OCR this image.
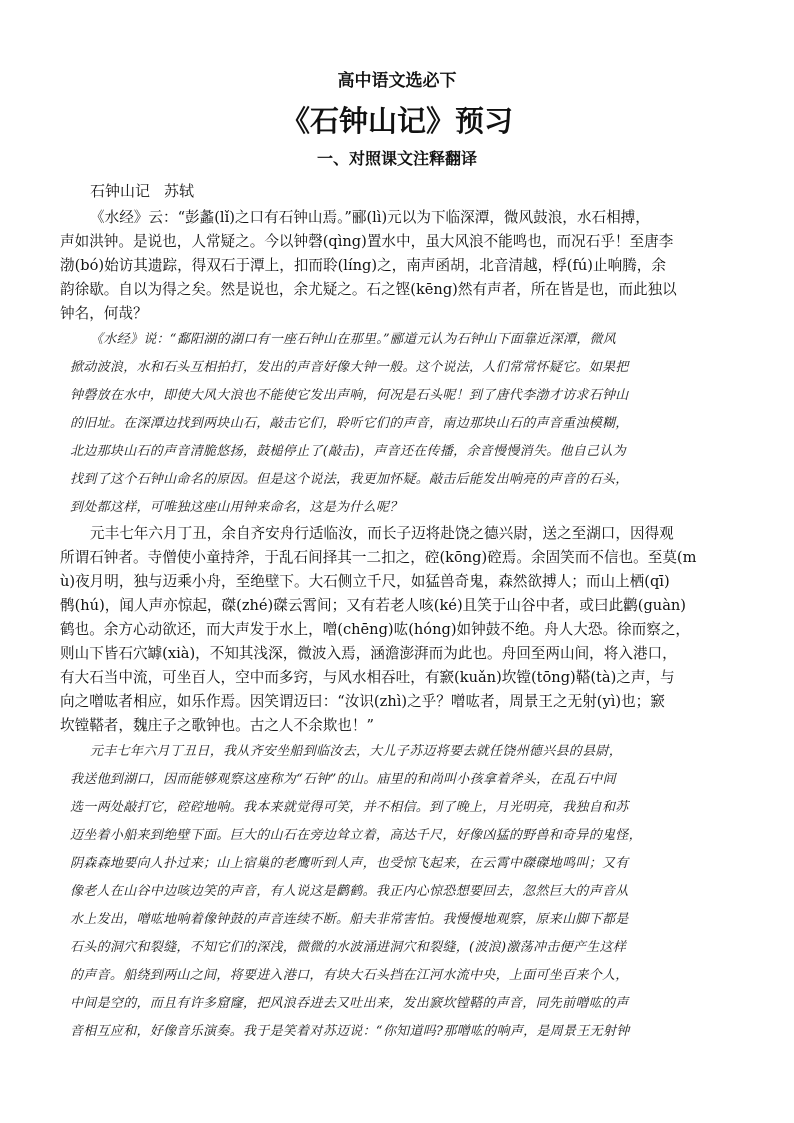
高中语文选必下

《石钟山记》预习
一、对照课文注释翻译

石钟山记 苏轼

《水经》云：“彭蠡(lǐ)之口有石钟山焉。”郦(lì)元以为下临深潭，微风鼓浪，水石相搏，
声如洪钟。是说也，人常疑之。今以钟磬(qìng)置水中，虽大风浪不能鸣也，而况石乎！至唐李
渤(bó)始访其遗踪，得双石于潭上，扣而聆(líng)之，南声函胡，北音清越，桴(fú)止响腾，余
韵徐歇。自以为得之矣。然是说也，余尤疑之。石之铿(kēng)然有声者，所在皆是也，而此独以
钟名，何哉？
《水经》说：“鄱阳湖的湖口有一座石钟山在那里。”郦道元认为石钟山下面靠近深潭，微风
掀动波浪，水和石头互相拍打，发出的声音好像大钟一般。这个说法，人们常常怀疑它。如果把
钟磬放在水中，即使大风大浪也不能使它发出声响，何况是石头呢！到了唐代李渤才访求石钟山
的旧址。在深潭边找到两块山石，敲击它们，聆听它们的声音，南边那块山石的声音重浊模糊，
北边那块山石的声音清脆悠扬，鼓槌停止了(敲击)，声音还在传播，余音慢慢消失。他自己认为
找到了这个石钟山命名的原因。但是这个说法，我更加怀疑。敲击后能发出响亮的声音的石头，
到处都这样，可唯独这座山用钟来命名，这是为什么呢？
元丰七年六月丁丑，余自齐安舟行适临汝，而长子迈将赴饶之德兴尉，送之至湖口，因得观
所谓石钟者。寺僧使小童持斧，于乱石间择其一二扣之，硿(kōng)硿焉。余固笑而不信也。至莫(m
ù)夜月明，独与迈乘小舟，至绝壁下。大石侧立千尺，如猛兽奇鬼，森然欲搏人；而山上栖(qī)
鹘(hú)，闻人声亦惊起，磔(zhé)磔云霄间；又有若老人咳(ké)且笑于山谷中者，或曰此鹳(guàn)
鹤也。余方心动欲还，而大声发于水上，噌(chēng)吰(hóng)如钟鼓不绝。舟人大恐。徐而察之，
则山下皆石穴罅(xià)，不知其浅深，微波入焉，涵澹澎湃而为此也。舟回至两山间，将入港口，
有大石当中流，可坐百人，空中而多窍，与风水相吞吐，有窾(kuǎn)坎镗(tōng)鞳(tà)之声，与
向之噌吰者相应，如乐作焉。因笑谓迈曰：“汝识(zhì)之乎？噌吰者，周景王之无射(yì)也；窾
坎镗鞳者，魏庄子之歌钟也。古之人不余欺也！”
元丰七年六月丁丑日，我从齐安坐船到临汝去，大儿子苏迈将要去就任饶州德兴县的县尉，
我送他到湖口，因而能够观察这座称为“石钟”的山。庙里的和尚叫小孩拿着斧头，在乱石中间
选一两处敲打它，硿硿地响。我本来就觉得可笑，并不相信。到了晚上，月光明亮，我独自和苏
迈坐着小船来到绝壁下面。巨大的山石在旁边耸立着，高达千尺，好像凶猛的野兽和奇异的鬼怪，
阴森森地要向人扑过来；山上宿巢的老鹰听到人声，也受惊飞起来，在云霄中磔磔地鸣叫；又有
像老人在山谷中边咳边笑的声音，有人说这是鹳鹤。我正内心惊恐想要回去，忽然巨大的声音从
水上发出，噌吰地响着像钟鼓的声音连续不断。船夫非常害怕。我慢慢地观察，原来山脚下都是
石头的洞穴和裂缝，不知它们的深浅，微微的水波涌进洞穴和裂缝，(波浪)激荡冲击便产生这样
的声音。船绕到两山之间，将要进入港口，有块大石头挡在江河水流中央，上面可坐百来个人，
中间是空的，而且有许多窟窿，把风浪吞进去又吐出来，发出窾坎镗鞳的声音，同先前噌吰的声
音相互应和，好像音乐演奏。我于是笑着对苏迈说：“你知道吗?那噌吰的响声，是周景王无射钟
